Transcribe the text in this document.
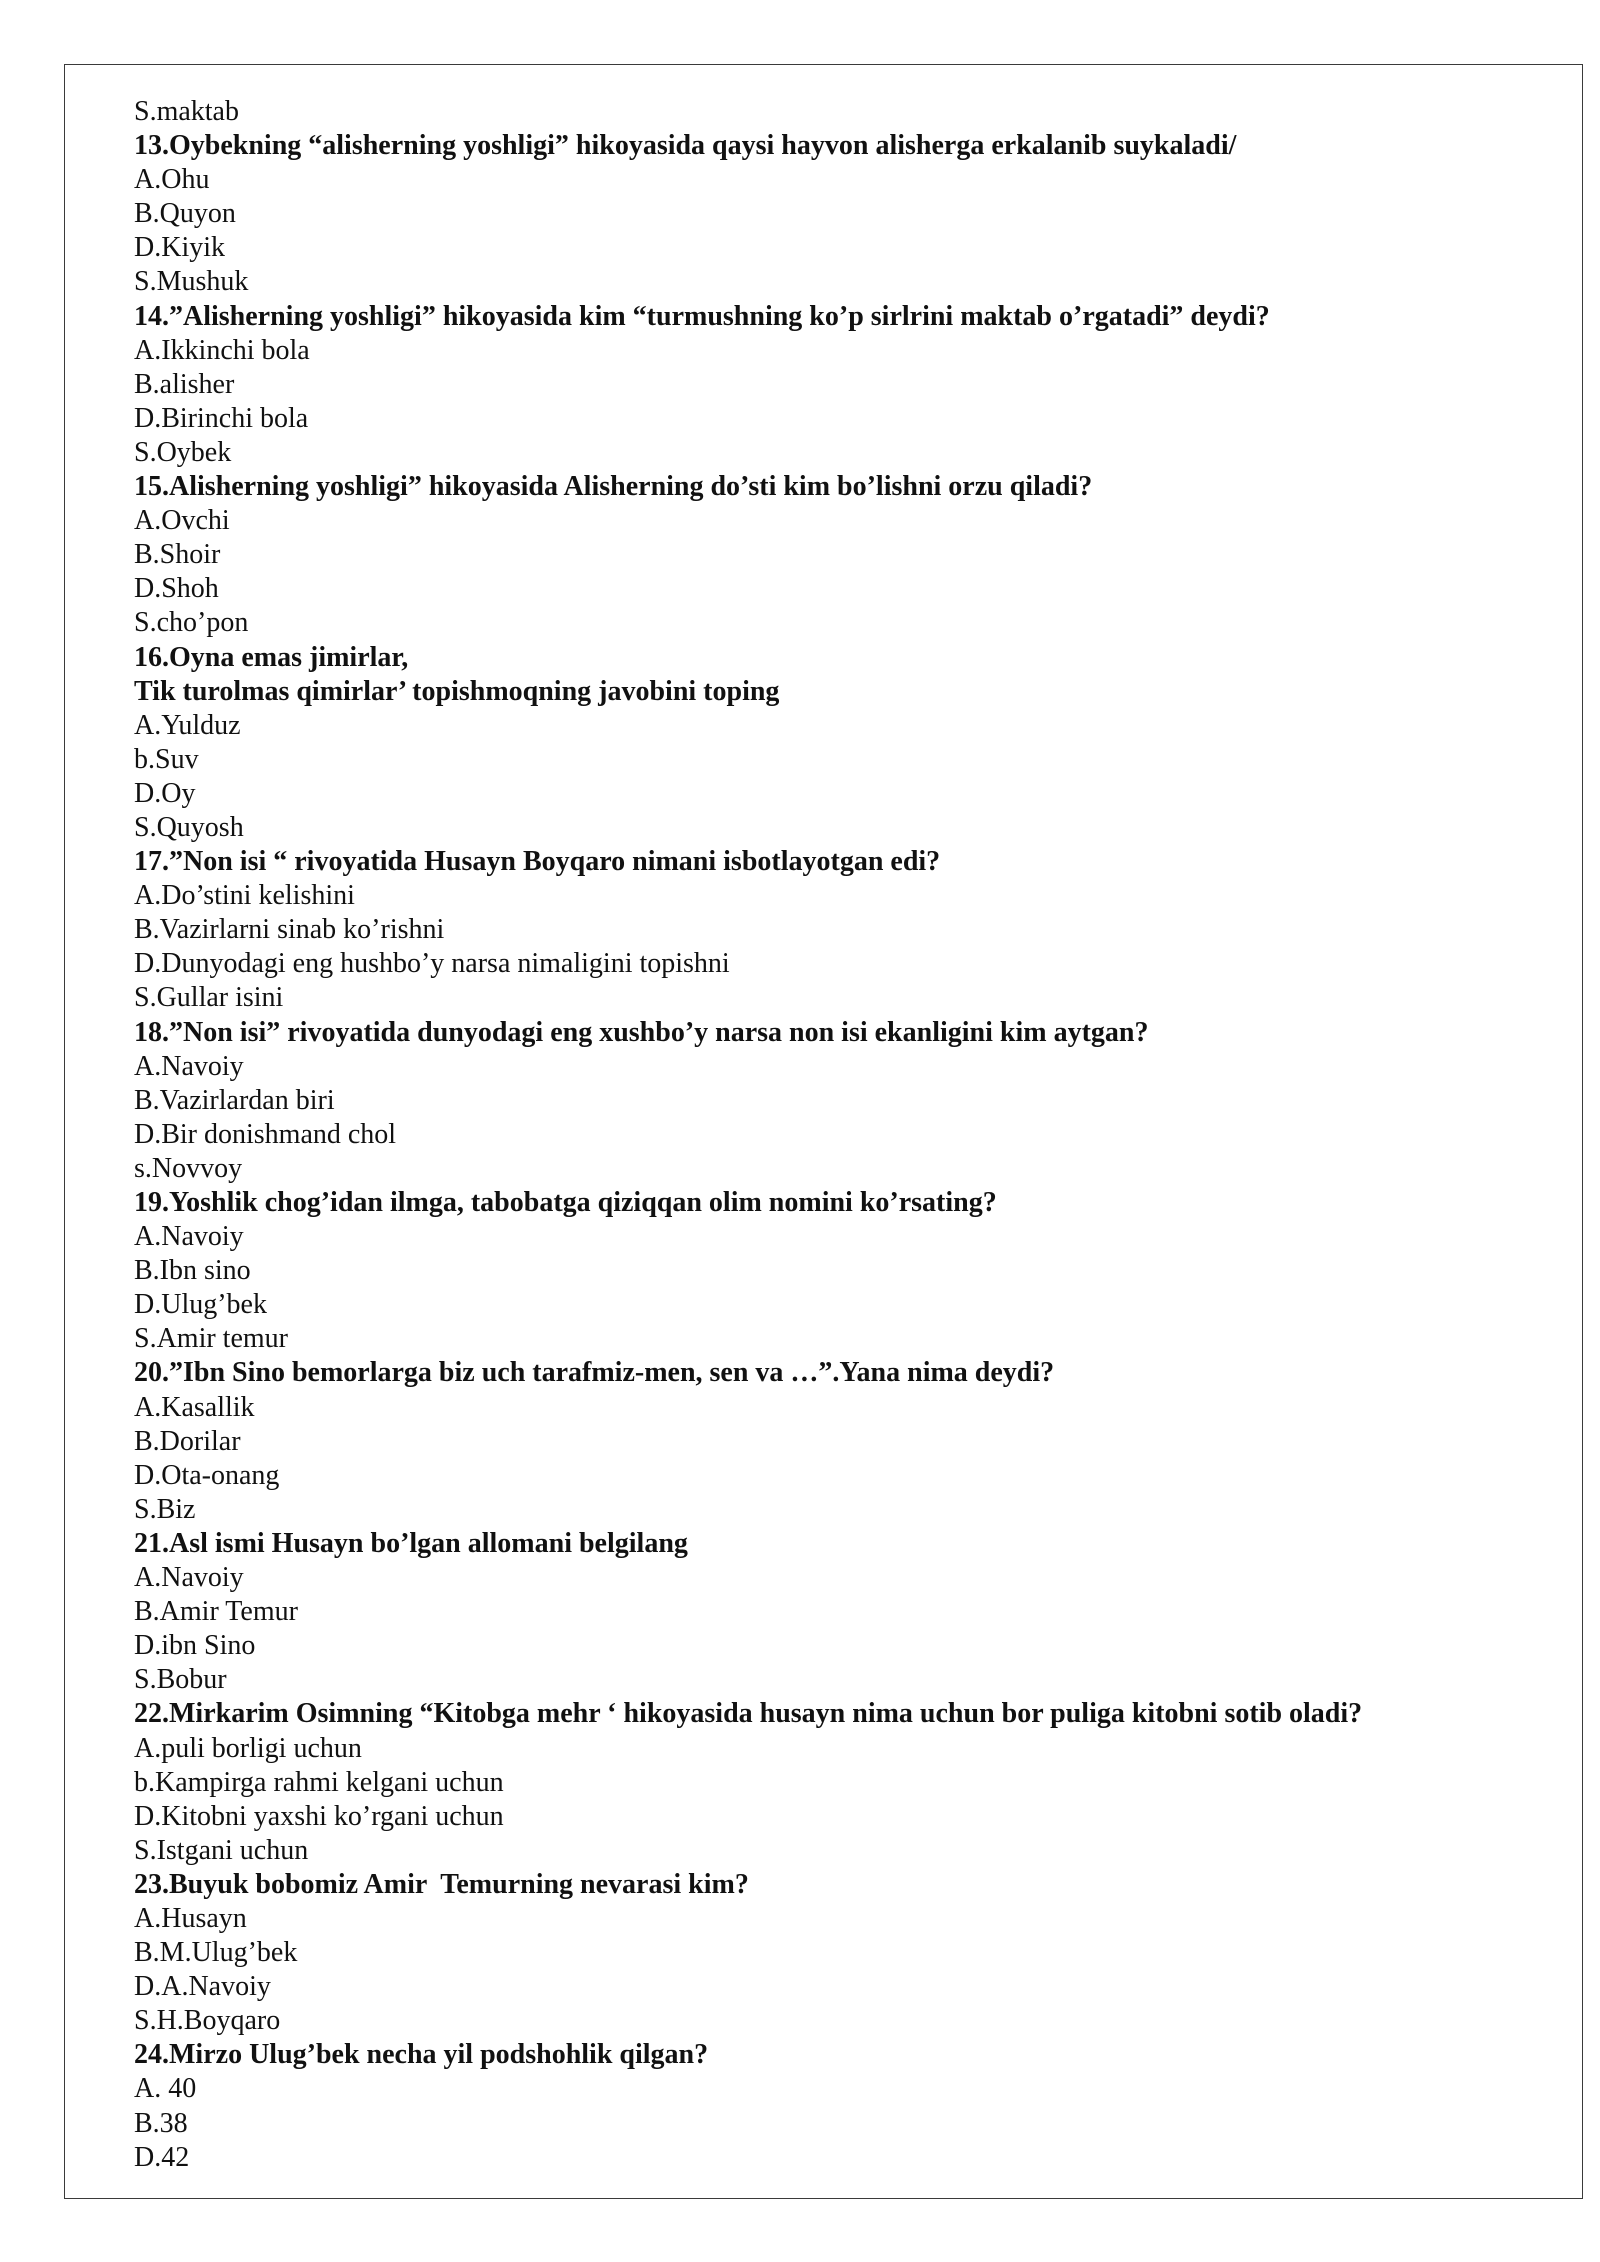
S.maktab
13.Oybekning “alisherning yoshligi” hikoyasida qaysi hayvon alisherga erkalanib suykaladi/
A.Ohu
B.Quyon
D.Kiyik
S.Mushuk
14.”Alisherning yoshligi” hikoyasida kim “turmushning ko’p sirlrini maktab o’rgatadi” deydi?
A.Ikkinchi bola
B.alisher
D.Birinchi bola
S.Oybek
15.Alisherning yoshligi” hikoyasida Alisherning do’sti kim bo’lishni orzu qiladi?
A.Ovchi
B.Shoir
D.Shoh
S.cho’pon
16.Oyna emas jimirlar,
Tik turolmas qimirlar’ topishmoqning javobini toping
A.Yulduz
b.Suv
D.Oy
S.Quyosh
17.”Non isi “ rivoyatida Husayn Boyqaro nimani isbotlayotgan edi?
A.Do’stini kelishini
B.Vazirlarni sinab ko’rishni
D.Dunyodagi eng hushbo’y narsa nimaligini topishni
S.Gullar isini
18.”Non isi” rivoyatida dunyodagi eng xushbo’y narsa non isi ekanligini kim aytgan?
A.Navoiy
B.Vazirlardan biri
D.Bir donishmand chol
s.Novvoy
19.Yoshlik chog’idan ilmga, tabobatga qiziqqan olim nomini ko’rsating?
A.Navoiy
B.Ibn sino
D.Ulug’bek
S.Amir temur
20.”Ibn Sino bemorlarga biz uch tarafmiz-men, sen va …”.Yana nima deydi?
A.Kasallik
B.Dorilar
D.Ota-onang
S.Biz
21.Asl ismi Husayn bo’lgan allomani belgilang
A.Navoiy
B.Amir Temur
D.ibn Sino
S.Bobur
22.Mirkarim Osimning “Kitobga mehr ‘ hikoyasida husayn nima uchun bor puliga kitobni sotib oladi?
A.puli borligi uchun
b.Kampirga rahmi kelgani uchun
D.Kitobni yaxshi ko’rgani uchun
S.Istgani uchun
23.Buyuk bobomiz Amir  Temurning nevarasi kim?
A.Husayn
B.M.Ulug’bek
D.A.Navoiy
S.H.Boyqaro
24.Mirzo Ulug’bek necha yil podshohlik qilgan?
A. 40
B.38
D.42
